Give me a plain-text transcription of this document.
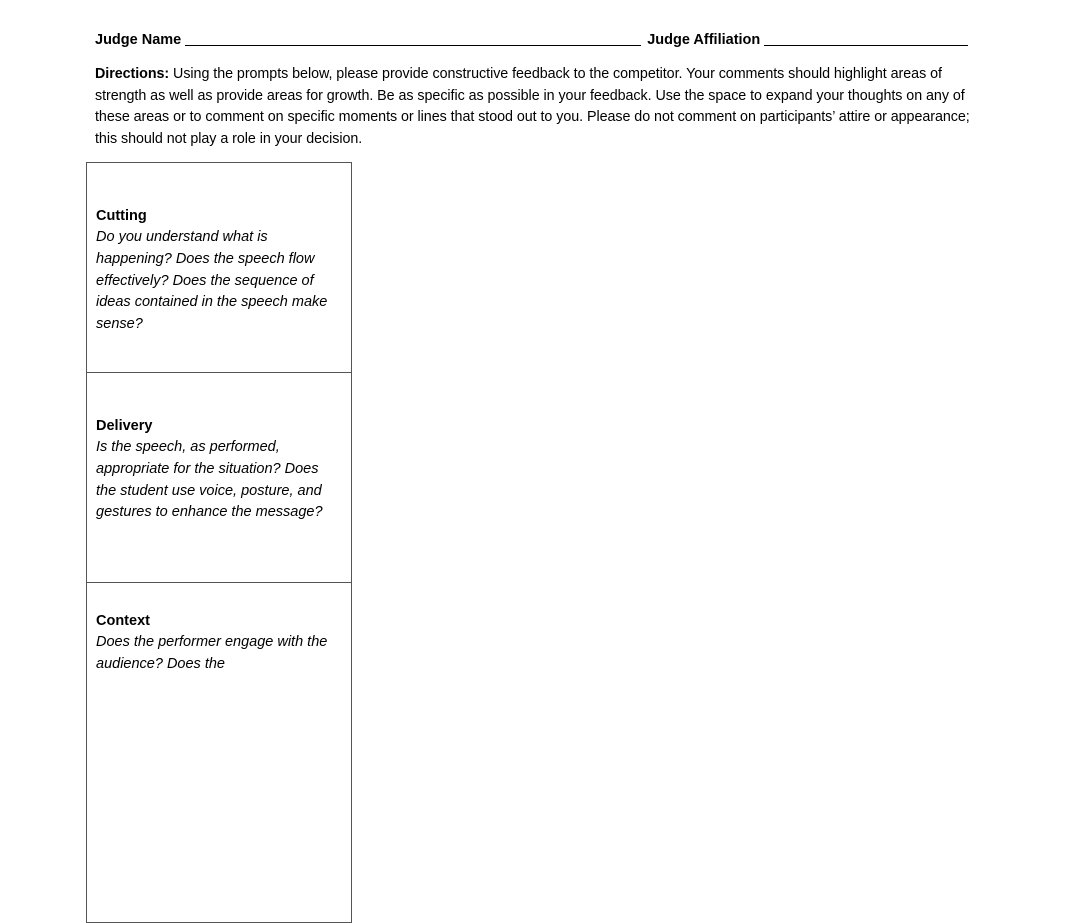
Judge Name	Judge Affiliation
Directions: Using the prompts below, please provide constructive feedback to the competitor. Your comments should highlight areas of strength as well as provide areas for growth. Be as specific as possible in your feedback. Use the space to expand your thoughts on any of these areas or to comment on specific moments or lines that stood out to you. Please do not comment on participants’ attire or appearance; this should not play a role in your decision.
Cutting
Do you understand what is happening? Does the speech flow effectively? Does the sequence of ideas contained in the speech make sense?
Delivery
Is the speech, as performed, appropriate for the situation? Does the student use voice, posture, and gestures to enhance the message?
Context
Does the performer engage with the audience? Does the
